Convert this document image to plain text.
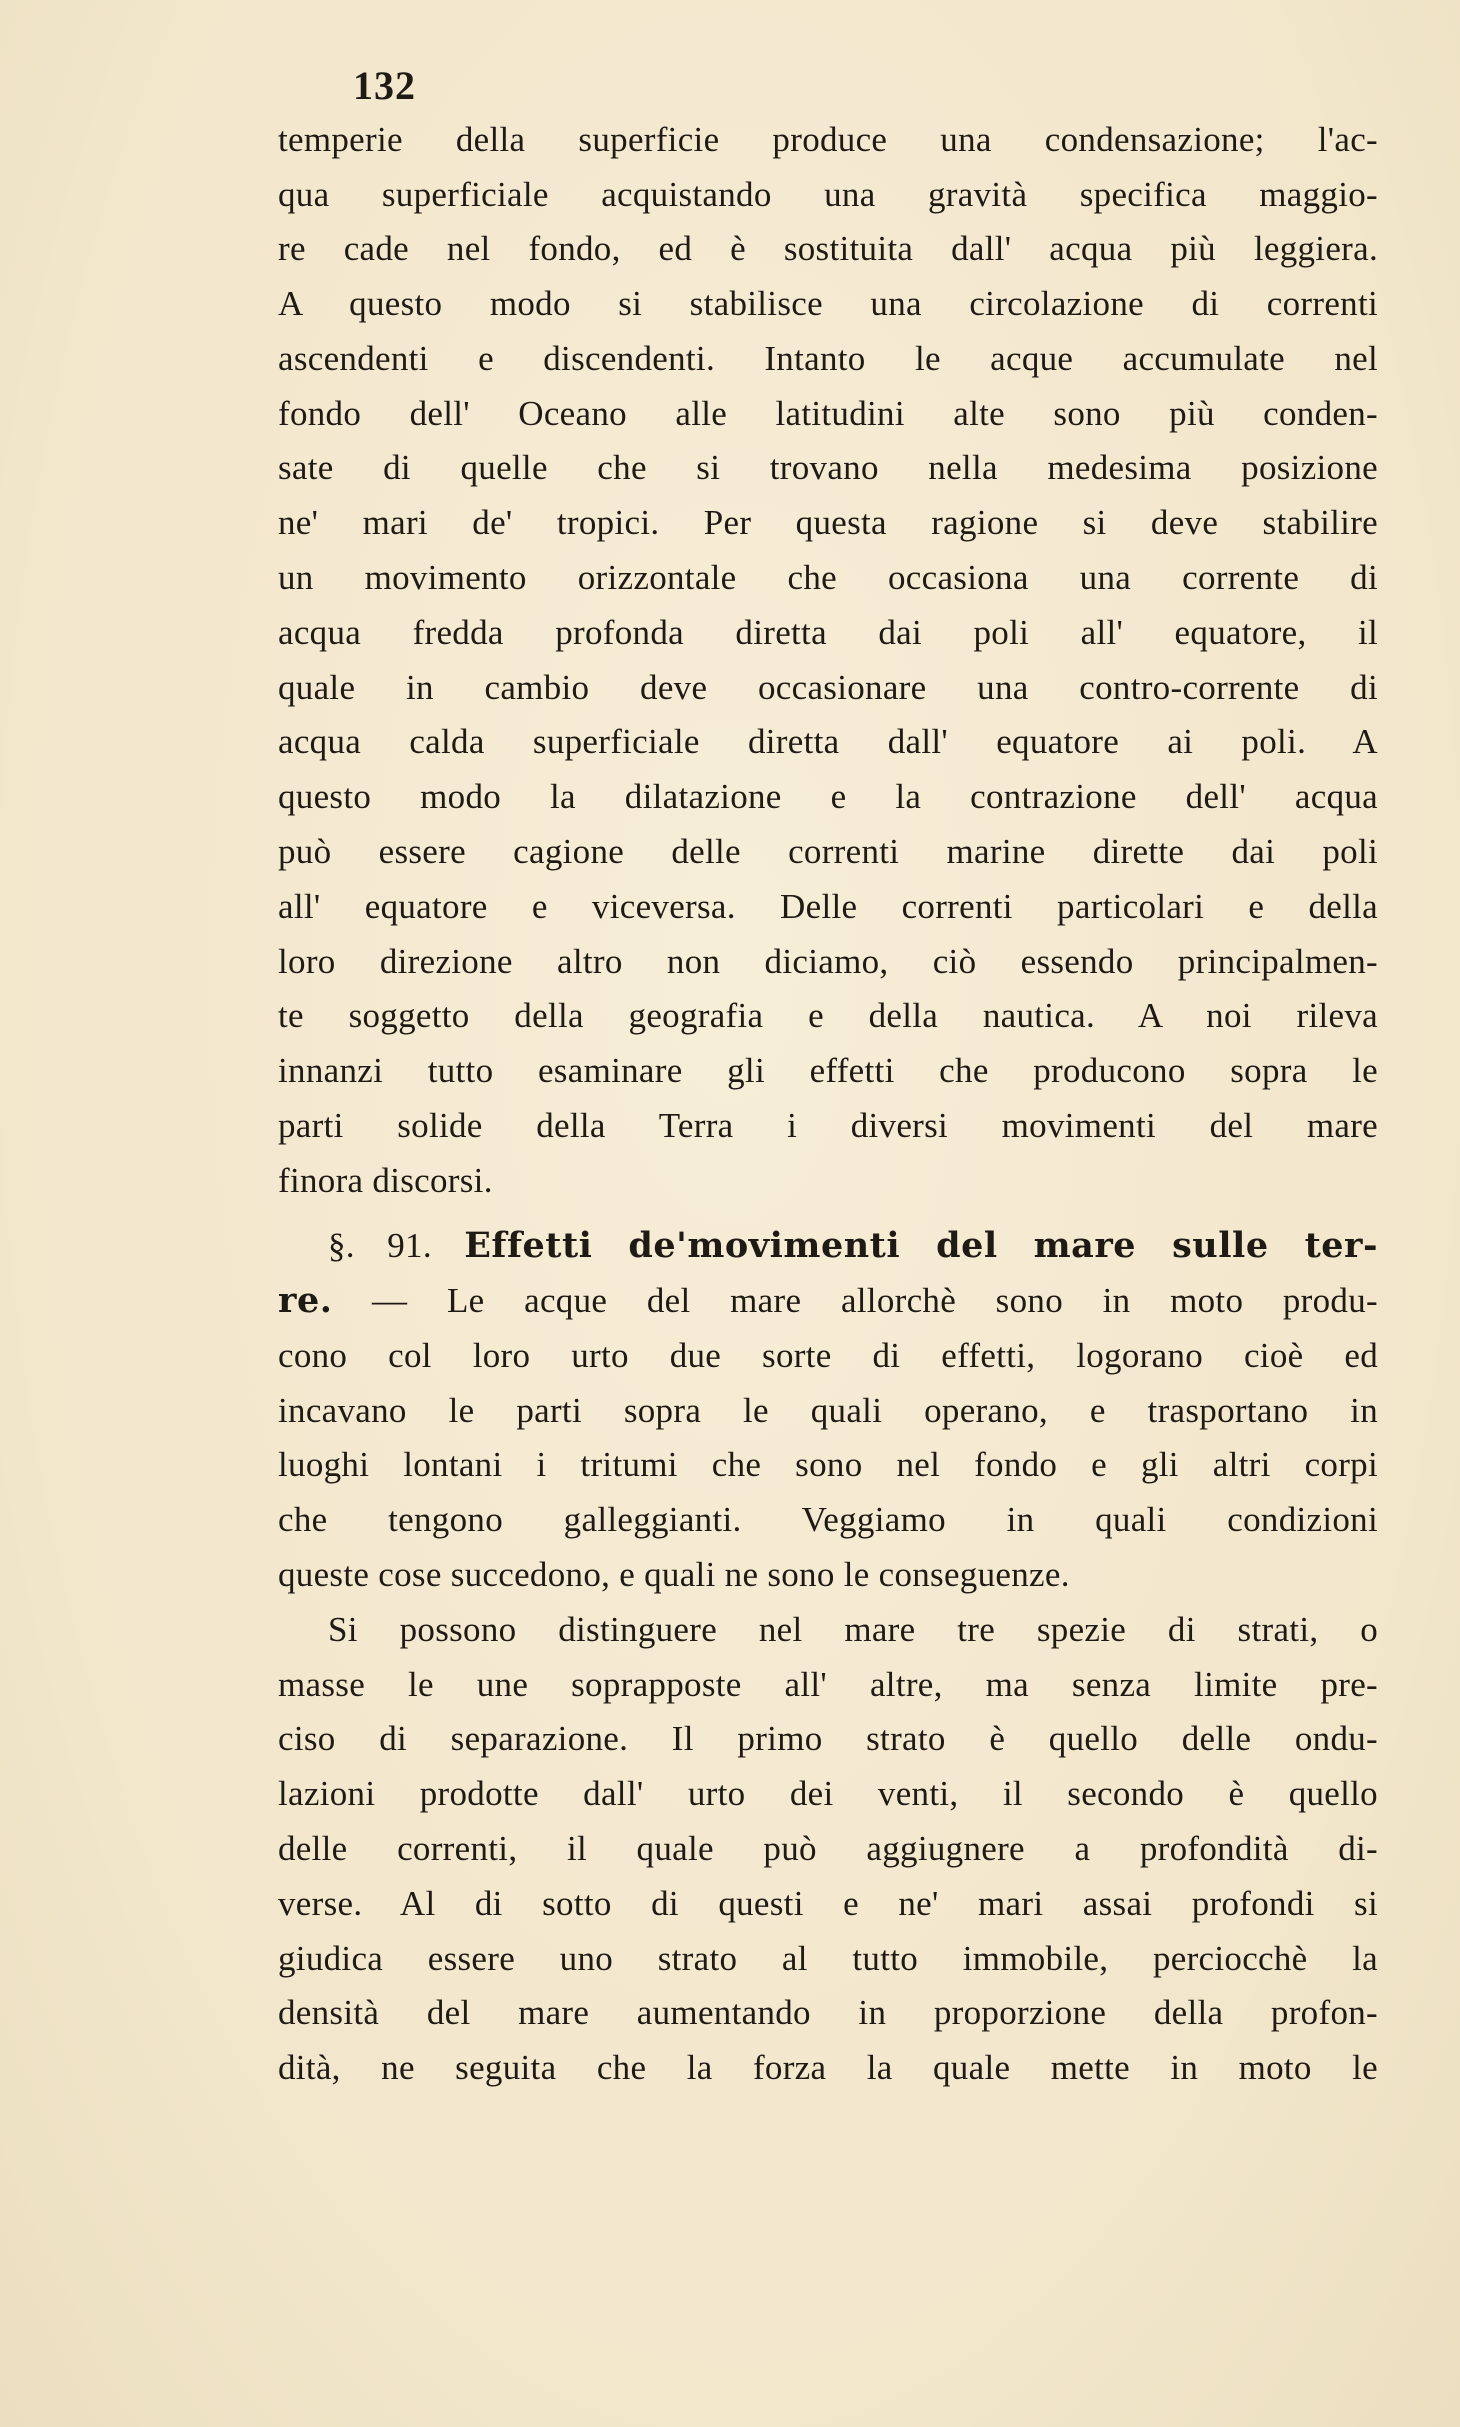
132
temperie della superficie produce una condensazione; l'ac-
qua superficiale acquistando una gravità specifica maggio-
re cade nel fondo, ed è sostituita dall' acqua più leggiera.
A questo modo si stabilisce una circolazione di correnti
ascendenti e discendenti. Intanto le acque accumulate nel
fondo dell' Oceano alle latitudini alte sono più conden-
sate di quelle che si trovano nella medesima posizione
ne' mari de' tropici. Per questa ragione si deve stabilire
un movimento orizzontale che occasiona una corrente di
acqua fredda profonda diretta dai poli all' equatore, il
quale in cambio deve occasionare una contro-corrente di
acqua calda superficiale diretta dall' equatore ai poli. A
questo modo la dilatazione e la contrazione dell' acqua
può essere cagione delle correnti marine dirette dai poli
all' equatore e viceversa. Delle correnti particolari e della
loro direzione altro non diciamo, ciò essendo principalmen-
te soggetto della geografia e della nautica. A noi rileva
innanzi tutto esaminare gli effetti che producono sopra le
parti solide della Terra i diversi movimenti del mare
finora discorsi.
§. 91. Effetti de'movimenti del mare sulle ter-
re. — Le acque del mare allorchè sono in moto produ-
cono col loro urto due sorte di effetti, logorano cioè ed
incavano le parti sopra le quali operano, e trasportano in
luoghi lontani i tritumi che sono nel fondo e gli altri corpi
che tengono galleggianti. Veggiamo in quali condizioni
queste cose succedono, e quali ne sono le conseguenze.
Si possono distinguere nel mare tre spezie di strati, o
masse le une soprapposte all' altre, ma senza limite pre-
ciso di separazione. Il primo strato è quello delle ondu-
lazioni prodotte dall' urto dei venti, il secondo è quello
delle correnti, il quale può aggiugnere a profondità di-
verse. Al di sotto di questi e ne' mari assai profondi si
giudica essere uno strato al tutto immobile, perciocchè la
densità del mare aumentando in proporzione della profon-
dità, ne seguita che la forza la quale mette in moto le
